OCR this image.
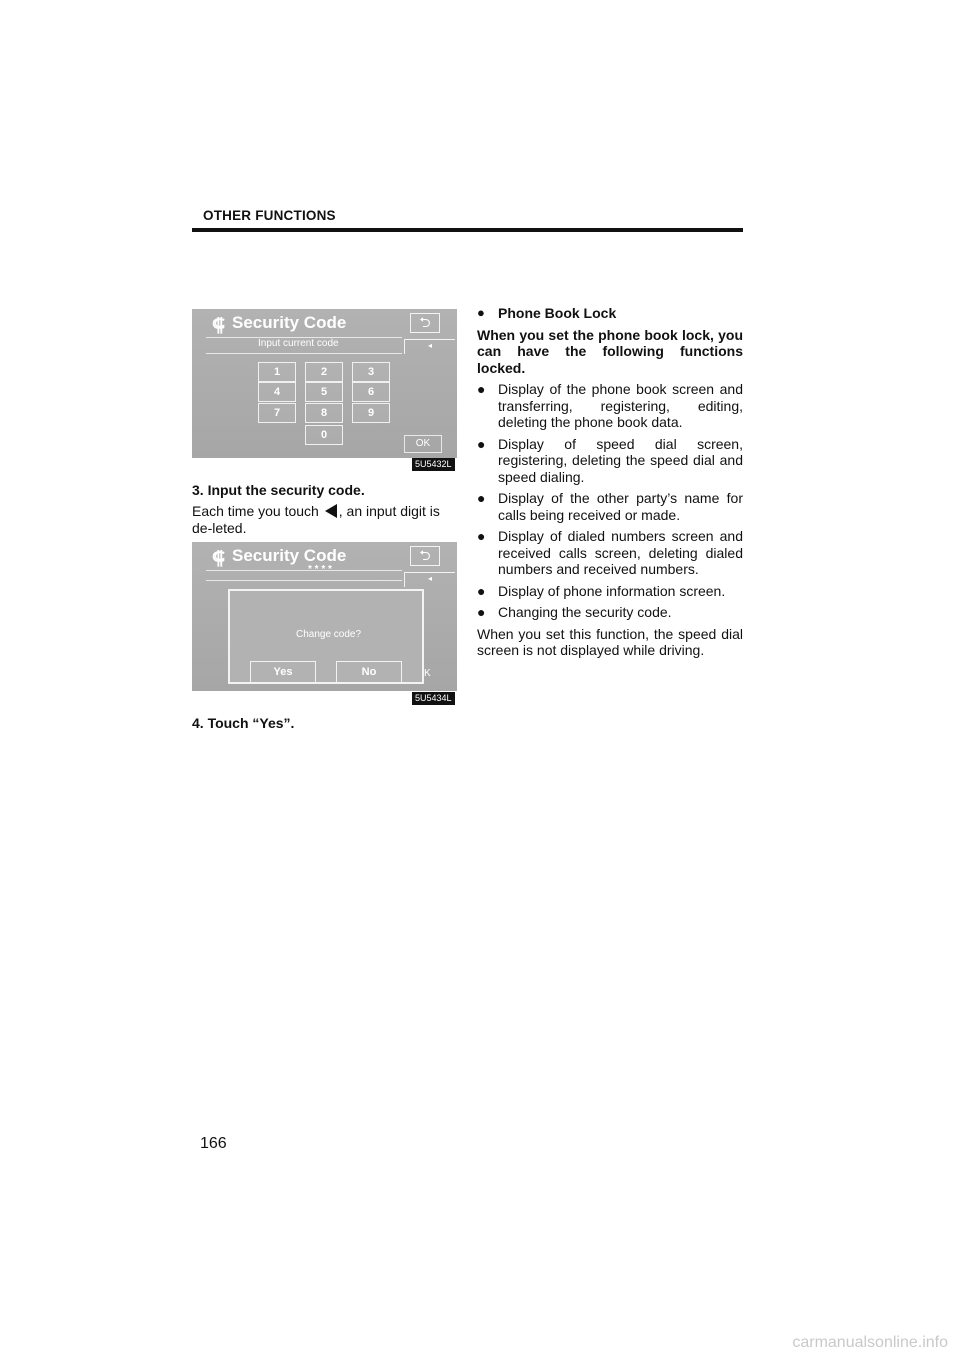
OTHER FUNCTIONS
⸿ Security Code	⮌
Input current code	◂
1	2	3
4	5	6
7	8	9
0
OK
5U5432L
3. Input the security code.
Each time you touch , an input digit is de-leted.
⸿ Security Code	⮌
* * * *
◂
K
Change code?
Yes	No
5U5434L
4. Touch “Yes”.

● Phone Book Lock

When you set the phone book lock, you can have the following functions locked.

● Display of the phone book screen and transferring, registering, editing, deleting the phone book data.
● Display of speed dial screen, registering, deleting the speed dial and speed dialing.
● Display of the other party’s name for calls being received or made.
● Display of dialed numbers screen and received calls screen, deleting dialed numbers and received numbers.
● Display of phone information screen.
● Changing the security code.

When you set this function, the speed dial screen is not displayed while driving.

166
carmanualsonline.info
